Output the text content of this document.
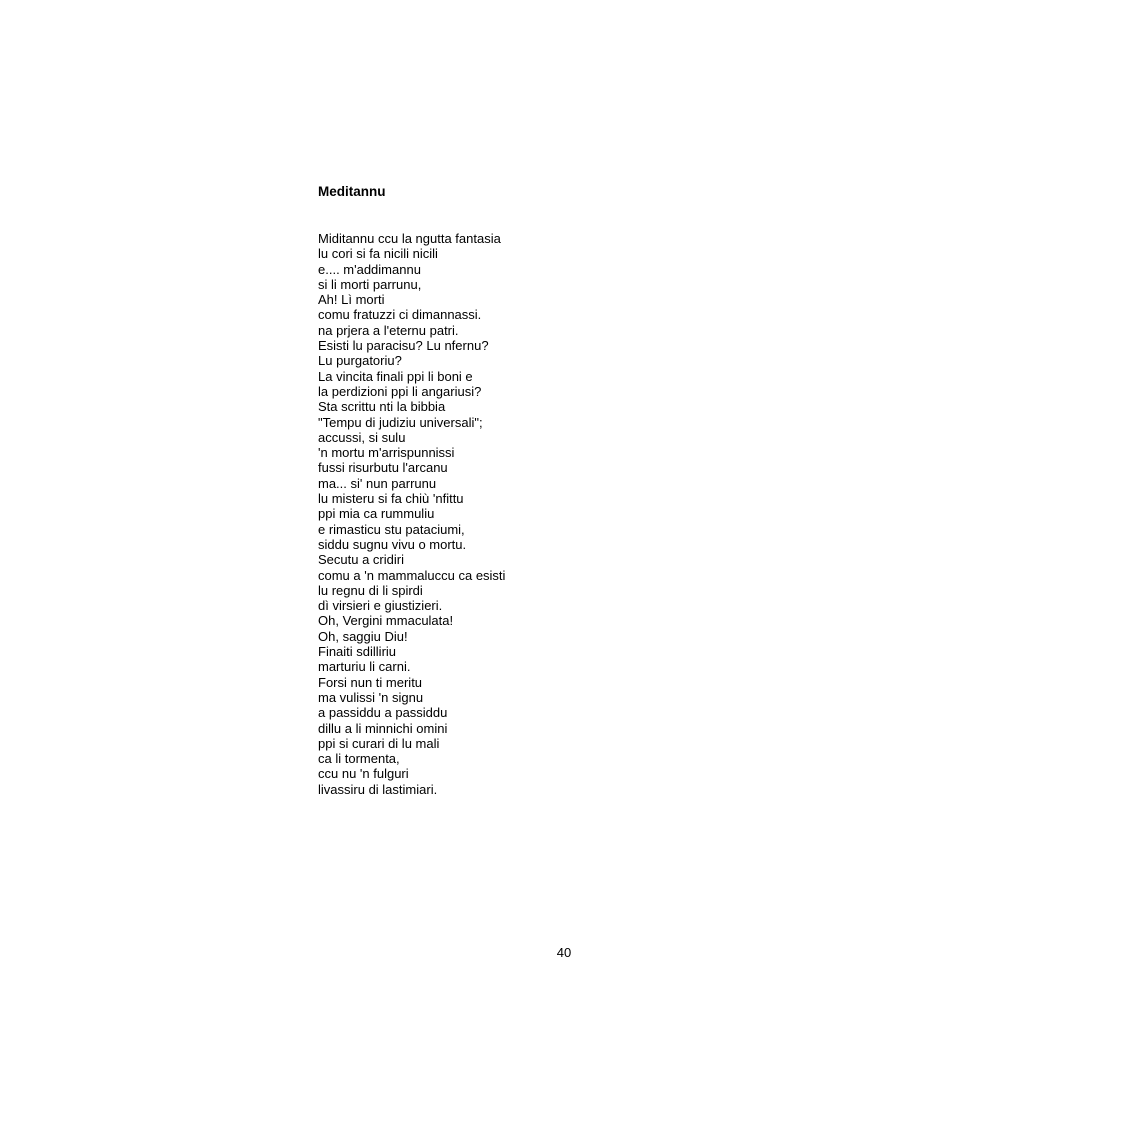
Meditannu
Miditannu ccu la ngutta fantasia
lu cori si fa nicili nicili
e.... m'addimannu
si li morti parrunu,
Ah! Lì morti
comu fratuzzi ci dimannassi.
na prjera a l'eternu patri.
Esisti lu paracisu? Lu nfernu?
Lu purgatoriu?
La vincita finali ppi li boni e
la perdizioni ppi li angariusi?
Sta scrittu nti la bibbia
"Tempu di judiziu universali";
accussi, si sulu
'n mortu m'arrispunnissi
fussi risurbutu l'arcanu
ma... si' nun parrunu
lu misteru si fa chiù 'nfittu
ppi mia ca rummuliu
e rimasticu stu pataciumi,
siddu sugnu vivu o mortu.
Secutu a cridiri
comu a 'n mammaluccu ca esisti
lu regnu di li spirdi
dì virsieri e giustizieri.
Oh, Vergini mmaculata!
Oh, saggiu Diu!
Finaiti sdilliriu
marturiu li carni.
Forsi nun ti meritu
ma vulissi 'n signu
a passiddu a passiddu
dillu a li minnichi omini
ppi si curari di lu mali
ca li tormenta,
ccu nu 'n fulguri
livassiru di lastimiari.
40
